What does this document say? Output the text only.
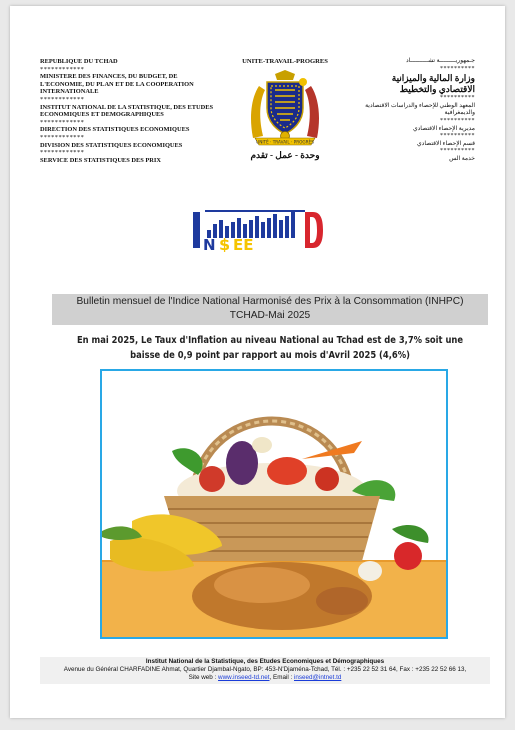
REPUBLIQUE DU TCHAD
************
MINISTERE DES FINANCES, DU BUDGET, DE L'ECONOMIE, DU PLAN ET DE LA COOPERATION INTERNATIONALE
************
INSTITUT NATIONAL DE LA STATISTIQUE, DES ETUDES ECONOMIQUES ET DEMOGRAPHIQUES
************
DIRECTION DES STATISTIQUES ECONOMIQUES
************
DIVISION DES STATISTIQUES ECONOMIQUES
************
SERVICE DES STATISTIQUES DES PRIX
UNITE-TRAVAIL-PROGRES
UNITÉ · TRAVAIL · PROGRÈS
وحدة - عمل - تقدم
جـمهوريـــــــــة تشــــــــــاد
**********
وزارة المالية والميزانية الاقتصادي والتخطيط
**********
المعهد الوطني للإحصاء والدراسات الاقتصادية والديمغرافية
**********
مديرية الإحصاء الاقتصادي
**********
قسم الإحصاء الاقتصادي
**********
خدمة الس
N $ EE
Bulletin mensuel de l'Indice National Harmonisé des Prix à la Consommation (INHPC)
TCHAD-Mai 2025
En mai 2025, Le Taux d'Inflation au niveau National au Tchad est de 3,7% soit une baisse de 0,9 point par rapport au mois d'Avril 2025 (4,6%)
Institut National de la Statistique, des Etudes Economiques et Démographiques
Avenue du Général CHARFADINE Ahmat, Quartier Djambal-Ngato, BP: 453-N'Djaména-Tchad, Tél. : +235 22 52 31 64, Fax : +235 22 52 66 13,
Site web : www.inseed-td.net, Email : inseed@intnet.td
